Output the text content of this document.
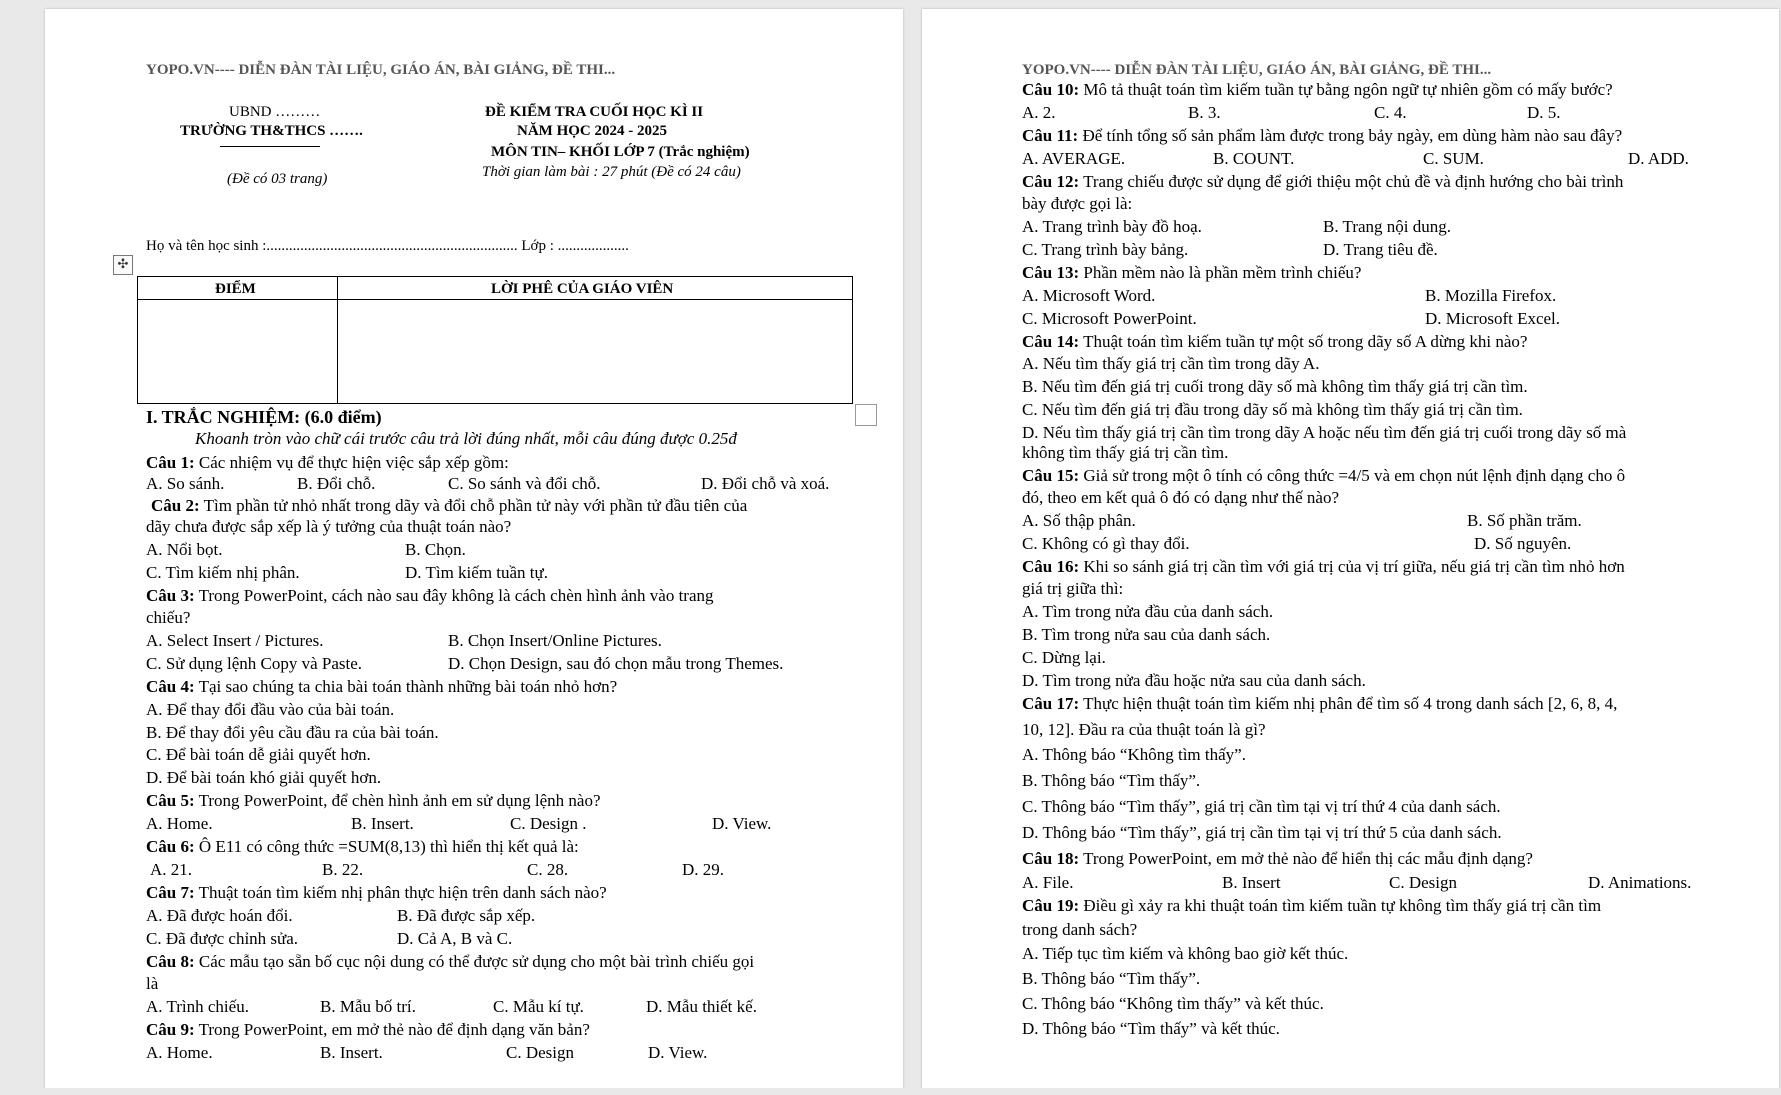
YOPO.VN---- DIỄN ĐÀN TÀI LIỆU, GIÁO ÁN, BÀI GIẢNG, ĐỀ THI...
UBND ………
TRƯỜNG TH&THCS …….
(Đề có 03 trang)
ĐỀ KIỂM TRA CUỐI HỌC KÌ II
NĂM HỌC 2024 - 2025
MÔN TIN– KHỐI LỚP 7 (Trắc nghiệm)
Thời gian làm bài : 27 phút (Đề có 24 câu)
Họ và tên học sinh :................................................................... Lớp : ...................
✣
ĐIỂM	LỜI PHÊ CỦA GIÁO VIÊN
I. TRẮC NGHIỆM: (6.0 điểm)
Khoanh tròn vào chữ cái trước câu trả lời đúng nhất, mỗi câu đúng được 0.25đ
Câu 1: Các nhiệm vụ để thực hiện việc sắp xếp gồm:
A. So sánh.	B. Đổi chỗ.	C. So sánh và đổi chỗ.	D. Đổi chỗ và xoá.
Câu 2: Tìm phần tử nhỏ nhất trong dãy và đổi chỗ phần tử này với phần tử đầu tiên của
dãy chưa được sắp xếp là ý tưởng của thuật toán nào?
A. Nổi bọt.	B. Chọn.
C. Tìm kiếm nhị phân.	D. Tìm kiếm tuần tự.
Câu 3: Trong PowerPoint, cách nào sau đây không là cách chèn hình ảnh vào trang
chiếu?
A. Select Insert / Pictures.	B. Chọn Insert/Online Pictures.
C. Sử dụng lệnh Copy và Paste.	D. Chọn Design, sau đó chọn mẫu trong Themes.
Câu 4: Tại sao chúng ta chia bài toán thành những bài toán nhỏ hơn?
A. Để thay đổi đầu vào của bài toán.
B. Để thay đổi yêu cầu đầu ra của bài toán.
C. Để bài toán dễ giải quyết hơn.
D. Để bài toán khó giải quyết hơn.
Câu 5: Trong PowerPoint, để chèn hình ảnh em sử dụng lệnh nào?
A. Home.	B. Insert.	C. Design .	D. View.
Câu 6: Ô E11 có công thức =SUM(8,13) thì hiển thị kết quả là:
A. 21.	B. 22.	C. 28.	D. 29.
Câu 7: Thuật toán tìm kiếm nhị phân thực hiện trên danh sách nào?
A. Đã được hoán đổi.	B. Đã được sắp xếp.
C. Đã được chỉnh sửa.	D. Cả A, B và C.
Câu 8: Các mẫu tạo sẵn bố cục nội dung có thể được sử dụng cho một bài trình chiếu gọi
là
A. Trình chiếu.	B. Mẫu bố trí.	C. Mẫu kí tự.	D. Mẫu thiết kế.
Câu 9: Trong PowerPoint, em mở thẻ nào để định dạng văn bản?
A. Home.	B. Insert.	C. Design	D. View.
YOPO.VN---- DIỄN ĐÀN TÀI LIỆU, GIÁO ÁN, BÀI GIẢNG, ĐỀ THI...
Câu 10: Mô tả thuật toán tìm kiếm tuần tự bằng ngôn ngữ tự nhiên gồm có mấy bước?
A. 2.	B. 3.	C. 4.	D. 5.
Câu 11: Để tính tổng số sản phẩm làm được trong bảy ngày, em dùng hàm nào sau đây?
A. AVERAGE.	B. COUNT.	C. SUM.	D. ADD.
Câu 12: Trang chiếu được sử dụng để giới thiệu một chủ đề và định hướng cho bài trình
bày được gọi là:
A. Trang trình bày đồ hoạ.	B. Trang nội dung.
C. Trang trình bày bảng.	D. Trang tiêu đề.
Câu 13: Phần mềm nào là phần mềm trình chiếu?
A. Microsoft Word.	B. Mozilla Firefox.
C. Microsoft PowerPoint.	D. Microsoft Excel.
Câu 14: Thuật toán tìm kiếm tuần tự một số trong dãy số A dừng khi nào?
A. Nếu tìm thấy giá trị cần tìm trong dãy A.
B. Nếu tìm đến giá trị cuối trong dãy số mà không tìm thấy giá trị cần tìm.
C. Nếu tìm đến giá trị đầu trong dãy số mà không tìm thấy giá trị cần tìm.
D. Nếu tìm thấy giá trị cần tìm trong dãy A hoặc nếu tìm đến giá trị cuối trong dãy số mà
không tìm thấy giá trị cần tìm.
Câu 15: Giả sử trong một ô tính có công thức =4/5 và em chọn nút lệnh định dạng cho ô
đó, theo em kết quả ô đó có dạng như thế nào?
A. Số thập phân.	B. Số phần trăm.
C. Không có gì thay đổi.	D. Số nguyên.
Câu 16: Khi so sánh giá trị cần tìm với giá trị của vị trí giữa, nếu giá trị cần tìm nhỏ hơn
giá trị giữa thì:
A. Tìm trong nửa đầu của danh sách.
B. Tìm trong nửa sau của danh sách.
C. Dừng lại.
D. Tìm trong nửa đầu hoặc nửa sau của danh sách.
Câu 17: Thực hiện thuật toán tìm kiếm nhị phân để tìm số 4 trong danh sách [2, 6, 8, 4,
10, 12]. Đầu ra của thuật toán là gì?
A. Thông báo “Không tìm thấy”.
B. Thông báo “Tìm thấy”.
C. Thông báo “Tìm thấy”, giá trị cần tìm tại vị trí thứ 4 của danh sách.
D. Thông báo “Tìm thấy”, giá trị cần tìm tại vị trí thứ 5 của danh sách.
Câu 18: Trong PowerPoint, em mở thẻ nào để hiển thị các mẫu định dạng?
A. File.	B. Insert	C. Design	D. Animations.
Câu 19: Điều gì xảy ra khi thuật toán tìm kiếm tuần tự không tìm thấy giá trị cần tìm
trong danh sách?
A. Tiếp tục tìm kiếm và không bao giờ kết thúc.
B. Thông báo “Tìm thấy”.
C. Thông báo “Không tìm thấy” và kết thúc.
D. Thông báo “Tìm thấy” và kết thúc.
